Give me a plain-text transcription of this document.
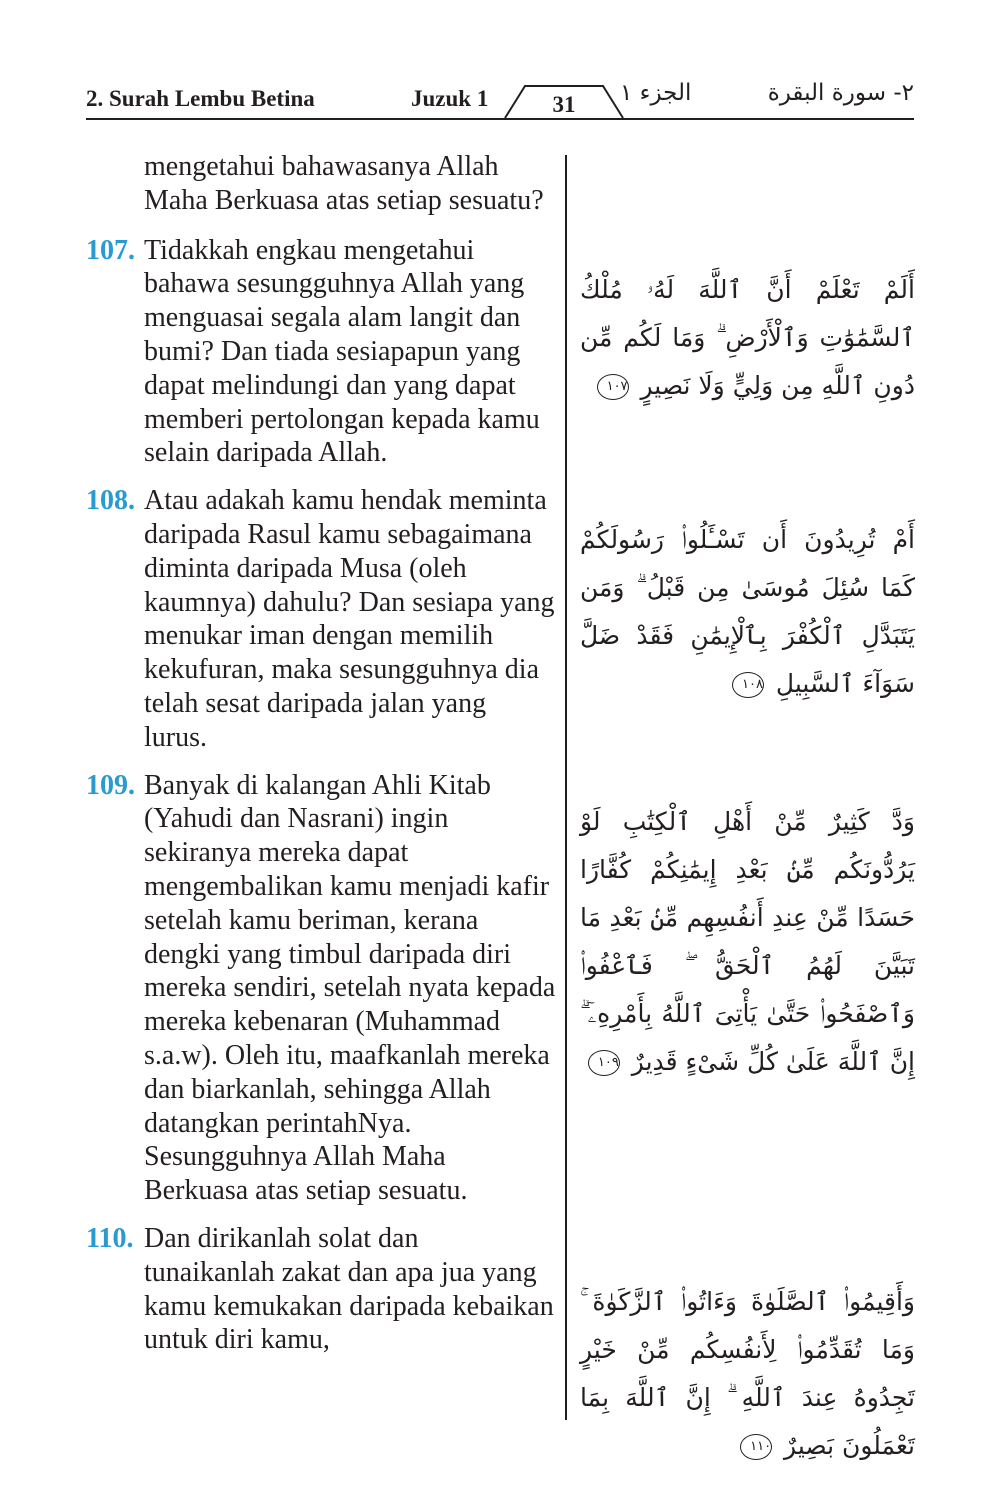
2. Surah Lembu Betina	Juzuk 1	31	الجزء ١	٢- سورة البقرة
mengetahui bahawasanya Allah Maha Berkuasa atas setiap sesuatu?
107. Tidakkah engkau mengetahui bahawa sesungguhnya Allah yang menguasai segala alam langit dan bumi? Dan tiada sesiapapun yang dapat melindungi dan yang dapat memberi pertolongan kepada kamu selain daripada Allah.
108. Atau adakah kamu hendak meminta daripada Rasul kamu sebagaimana diminta daripada Musa (oleh kaumnya) dahulu? Dan sesiapa yang menukar iman dengan memilih kekufuran, maka sesungguhnya dia telah sesat daripada jalan yang lurus.
109. Banyak di kalangan Ahli Kitab (Yahudi dan Nasrani) ingin sekiranya mereka dapat mengembalikan kamu menjadi kafir setelah kamu beriman, kerana dengki yang timbul daripada diri mereka sendiri, setelah nyata kepada mereka kebenaran (Muhammad s.a.w). Oleh itu, maafkanlah mereka dan biarkanlah, sehingga Allah datangkan perintahNya. Sesungguhnya Allah Maha Berkuasa atas setiap sesuatu.
110. Dan dirikanlah solat dan tunaikanlah zakat dan apa jua yang kamu kemukakan daripada kebaikan untuk diri kamu,
أَلَمْ تَعْلَمْ أَنَّ ٱللَّهَ لَهُۥ مُلْكُ ٱلسَّمَٰوَٰتِ وَٱلْأَرْضِ ۗ وَمَا لَكُم مِّن دُونِ ٱللَّهِ مِن وَلِيٍّ وَلَا نَصِيرٍ ١٠٧
أَمْ تُرِيدُونَ أَن تَسْـَٔلُوا۟ رَسُولَكُمْ كَمَا سُئِلَ مُوسَىٰ مِن قَبْلُ ۗ وَمَن يَتَبَدَّلِ ٱلْكُفْرَ بِٱلْإِيمَٰنِ فَقَدْ ضَلَّ سَوَآءَ ٱلسَّبِيلِ ١٠٨
وَدَّ كَثِيرٌ مِّنْ أَهْلِ ٱلْكِتَٰبِ لَوْ يَرُدُّونَكُم مِّنۢ بَعْدِ إِيمَٰنِكُمْ كُفَّارًا حَسَدًا مِّنْ عِندِ أَنفُسِهِم مِّنۢ بَعْدِ مَا تَبَيَّنَ لَهُمُ ٱلْحَقُّ ۖ فَٱعْفُوا۟ وَٱصْفَحُوا۟ حَتَّىٰ يَأْتِىَ ٱللَّهُ بِأَمْرِهِۦٓ ۗ إِنَّ ٱللَّهَ عَلَىٰ كُلِّ شَىْءٍ قَدِيرٌ ١٠٩
وَأَقِيمُوا۟ ٱلصَّلَوٰةَ وَءَاتُوا۟ ٱلزَّكَوٰةَ ۚ وَمَا تُقَدِّمُوا۟ لِأَنفُسِكُم مِّنْ خَيْرٍ تَجِدُوهُ عِندَ ٱللَّهِ ۗ إِنَّ ٱللَّهَ بِمَا تَعْمَلُونَ بَصِيرٌ ١١٠
